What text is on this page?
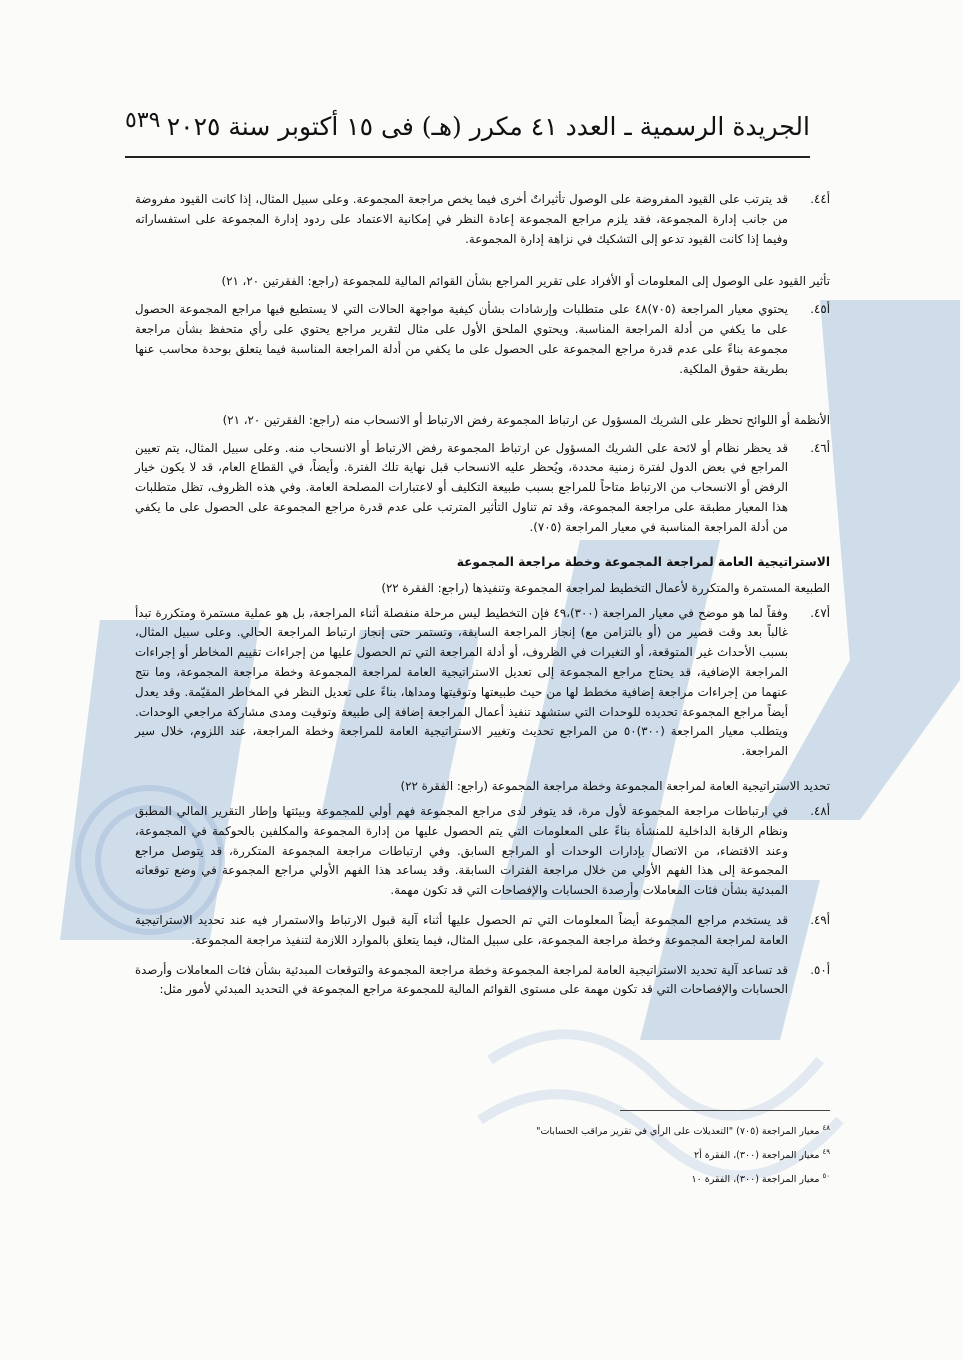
الجريدة الرسمية ـ العدد ٤١ مكرر (هـ) فى ١٥ أكتوبر سنة ٢٠٢٥
٥٣٩
أ٤٤.
قد يترتب على القيود المفروضة على الوصول تأثيراتٌ أخرى فيما يخص مراجعة المجموعة. وعلى سبيل المثال، إذا كانت القيود مفروضة من جانب إدارة المجموعة، فقد يلزم مراجع المجموعة إعادة النظر في إمكانية الاعتماد على ردود إدارة المجموعة على استفساراته وفيما إذا كانت القيود تدعو إلى التشكيك في نزاهة إدارة المجموعة.
تأثير القيود على الوصول إلى المعلومات أو الأفراد على تقرير المراجع بشأن القوائم المالية للمجموعة (راجع: الفقرتين ٢٠، ٢١)
أ٤٥.
يحتوي معيار المراجعة (٧٠٥)٤٨ على متطلبات وإرشادات بشأن كيفية مواجهة الحالات التي لا يستطيع فيها مراجع المجموعة الحصول على ما يكفي من أدلة المراجعة المناسبة. ويحتوي الملحق الأول على مثال لتقرير مراجع يحتوي على رأي متحفظ بشأن مراجعة مجموعة بناءً على عدم قدرة مراجع المجموعة على الحصول على ما يكفي من أدلة المراجعة المناسبة فيما يتعلق بوحدة محاسب عنها بطريقة حقوق الملكية.
الأنظمة أو اللوائح تحظر على الشريك المسؤول عن ارتباط المجموعة رفض الارتباط أو الانسحاب منه (راجع: الفقرتين ٢٠، ٢١)
أ٤٦.
قد يحظر نظام أو لائحة على الشريك المسؤول عن ارتباط المجموعة رفض الارتباط أو الانسحاب منه. وعلى سبيل المثال، يتم تعيين المراجع في بعض الدول لفترة زمنية محددة، ويُحظر عليه الانسحاب قبل نهاية تلك الفترة. وأيضاً، في القطاع العام، قد لا يكون خيار الرفض أو الانسحاب من الارتباط متاحاً للمراجع بسبب طبيعة التكليف أو لاعتبارات المصلحة العامة. وفي هذه الظروف، تظل متطلبات هذا المعيار مطبقة على مراجعة المجموعة، وقد تم تناول التأثير المترتب على عدم قدرة مراجع المجموعة على الحصول على ما يكفي من أدلة المراجعة المناسبة في معيار المراجعة (٧٠٥).
الاستراتيجية العامة لمراجعة المجموعة وخطة مراجعة المجموعة
الطبيعة المستمرة والمتكررة لأعمال التخطيط لمراجعة المجموعة وتنفيذها (راجع: الفقرة ٢٢)
أ٤٧.
وفقاً لما هو موضح في معيار المراجعة (٣٠٠)،٤٩ فإن التخطيط ليس مرحلة منفصلة أثناء المراجعة، بل هو عملية مستمرة ومتكررة تبدأ غالباً بعد وقت قصير من (أو بالتزامن مع) إنجاز المراجعة السابقة، وتستمر حتى إنجاز ارتباط المراجعة الحالي. وعلى سبيل المثال، بسبب الأحداث غير المتوقعة، أو التغيرات في الظروف، أو أدلة المراجعة التي تم الحصول عليها من إجراءات تقييم المخاطر أو إجراءات المراجعة الإضافية، قد يحتاج مراجع المجموعة إلى تعديل الاستراتيجية العامة لمراجعة المجموعة وخطة مراجعة المجموعة، وما نتج عنهما من إجراءات مراجعة إضافية مخطط لها من حيث طبيعتها وتوقيتها ومداها، بناءً على تعديل النظر في المخاطر المقيّمة. وقد يعدل أيضاً مراجع المجموعة تحديده للوحدات التي ستشهد تنفيذ أعمال المراجعة إضافة إلى طبيعة وتوقيت ومدى مشاركة مراجعي الوحدات. ويتطلب معيار المراجعة (٣٠٠)٥٠ من المراجع تحديث وتغيير الاستراتيجية العامة للمراجعة وخطة المراجعة، عند اللزوم، خلال سير المراجعة.
تحديد الاستراتيجية العامة لمراجعة المجموعة وخطة مراجعة المجموعة (راجع: الفقرة ٢٢)
أ٤٨.
في ارتباطات مراجعة المجموعة لأول مرة، قد يتوفر لدى مراجع المجموعة فهم أولي للمجموعة وبيئتها وإطار التقرير المالي المطبق ونظام الرقابة الداخلية للمنشأة بناءً على المعلومات التي يتم الحصول عليها من إدارة المجموعة والمكلفين بالحوكمة في المجموعة، وعند الاقتضاء، من الاتصال بإدارات الوحدات أو المراجع السابق. وفي ارتباطات مراجعة المجموعة المتكررة، قد يتوصل مراجع المجموعة إلى هذا الفهم الأولي من خلال مراجعة الفترات السابقة. وقد يساعد هذا الفهم الأولي مراجع المجموعة في وضع توقعاته المبدئية بشأن فئات المعاملات وأرصدة الحسابات والإفصاحات التي قد تكون مهمة.
أ٤٩.
قد يستخدم مراجع المجموعة أيضاً المعلومات التي تم الحصول عليها أثناء آلية قبول الارتباط والاستمرار فيه عند تحديد الاستراتيجية العامة لمراجعة المجموعة وخطة مراجعة المجموعة، على سبيل المثال، فيما يتعلق بالموارد اللازمة لتنفيذ مراجعة المجموعة.
أ٥٠.
قد تساعد آلية تحديد الاستراتيجية العامة لمراجعة المجموعة وخطة مراجعة المجموعة والتوقعات المبدئية بشأن فئات المعاملات وأرصدة الحسابات والإفصاحات التي قد تكون مهمة على مستوى القوائم المالية للمجموعة مراجع المجموعة في التحديد المبدئي لأمور مثل:
$^{٤٨}$ معيار المراجعة (٧٠٥) "التعديلات على الرأي في تقرير مراقب الحسابات"
$^{٤٩}$ معيار المراجعة (٣٠٠)، الفقرة أ٢
$^{٥٠}$ معيار المراجعة (٣٠٠)، الفقرة ١٠
